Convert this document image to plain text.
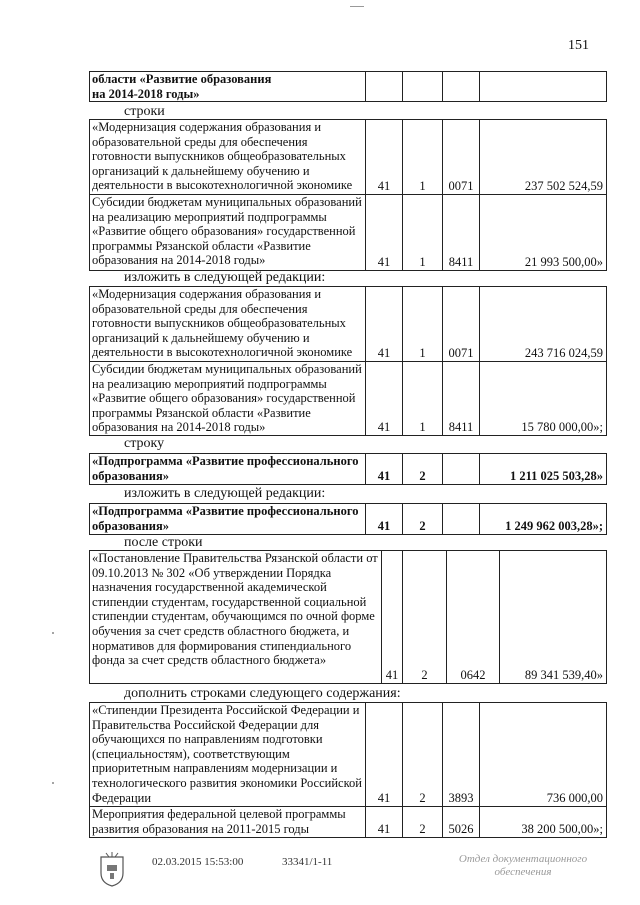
151
области «Развитие образования
на 2014-2018 годы»

строки
«Модернизация содержания образования и образовательной среды для обеспечения готовности выпускников общеобразовательных организаций к дальнейшему обучению и деятельности в высокотехнологичной экономике	41	1	0071	237 502 524,59
Субсидии бюджетам муниципальных образований на реализацию мероприятий подпрограммы «Развитие общего образования» государственной программы Рязанской области «Развитие образования на 2014-2018 годы»	41	1	8411	21 993 500,00»
изложить в следующей редакции:
«Модернизация содержания образования и образовательной среды для обеспечения готовности выпускников общеобразовательных организаций к дальнейшему обучению и деятельности в высокотехнологичной экономике	41	1	0071	243 716 024,59
Субсидии бюджетам муниципальных образований на реализацию мероприятий подпрограммы «Развитие общего образования» государственной программы Рязанской области «Развитие образования на 2014-2018 годы»	41	1	8411	15 780 000,00»;
строку
«Подпрограмма «Развитие профессионального образования»	41	2		1 211 025 503,28»
изложить в следующей редакции:
«Подпрограмма «Развитие профессионального образования»	41	2		1 249 962 003,28»;
после строки
«Постановление Правительства Рязанской области от 09.10.2013 № 302 «Об утверждении Порядка назначения государственной академической стипендии студентам, государственной социальной стипендии студентам, обучающимся по очной форме обучения за счет средств областного бюджета, и нормативов для формирования стипендиального фонда за счет средств областного бюджета»	41	2	0642	89 341 539,40»
дополнить строками следующего содержания:
«Стипендии Президента Российской Федерации и Правительства Российской Федерации для обучающихся по направлениям подготовки (специальностям), соответствующим приоритетным направлениям модернизации и технологического развития экономики Российской Федерации	41	2	3893	736 000,00
Мероприятия федеральной целевой программы развития образования на 2011-2015 годы	41	2	5026	38 200 500,00»;
02.03.2015 15:53:00	33341/1-11	Отдел документационного
обеспечения
